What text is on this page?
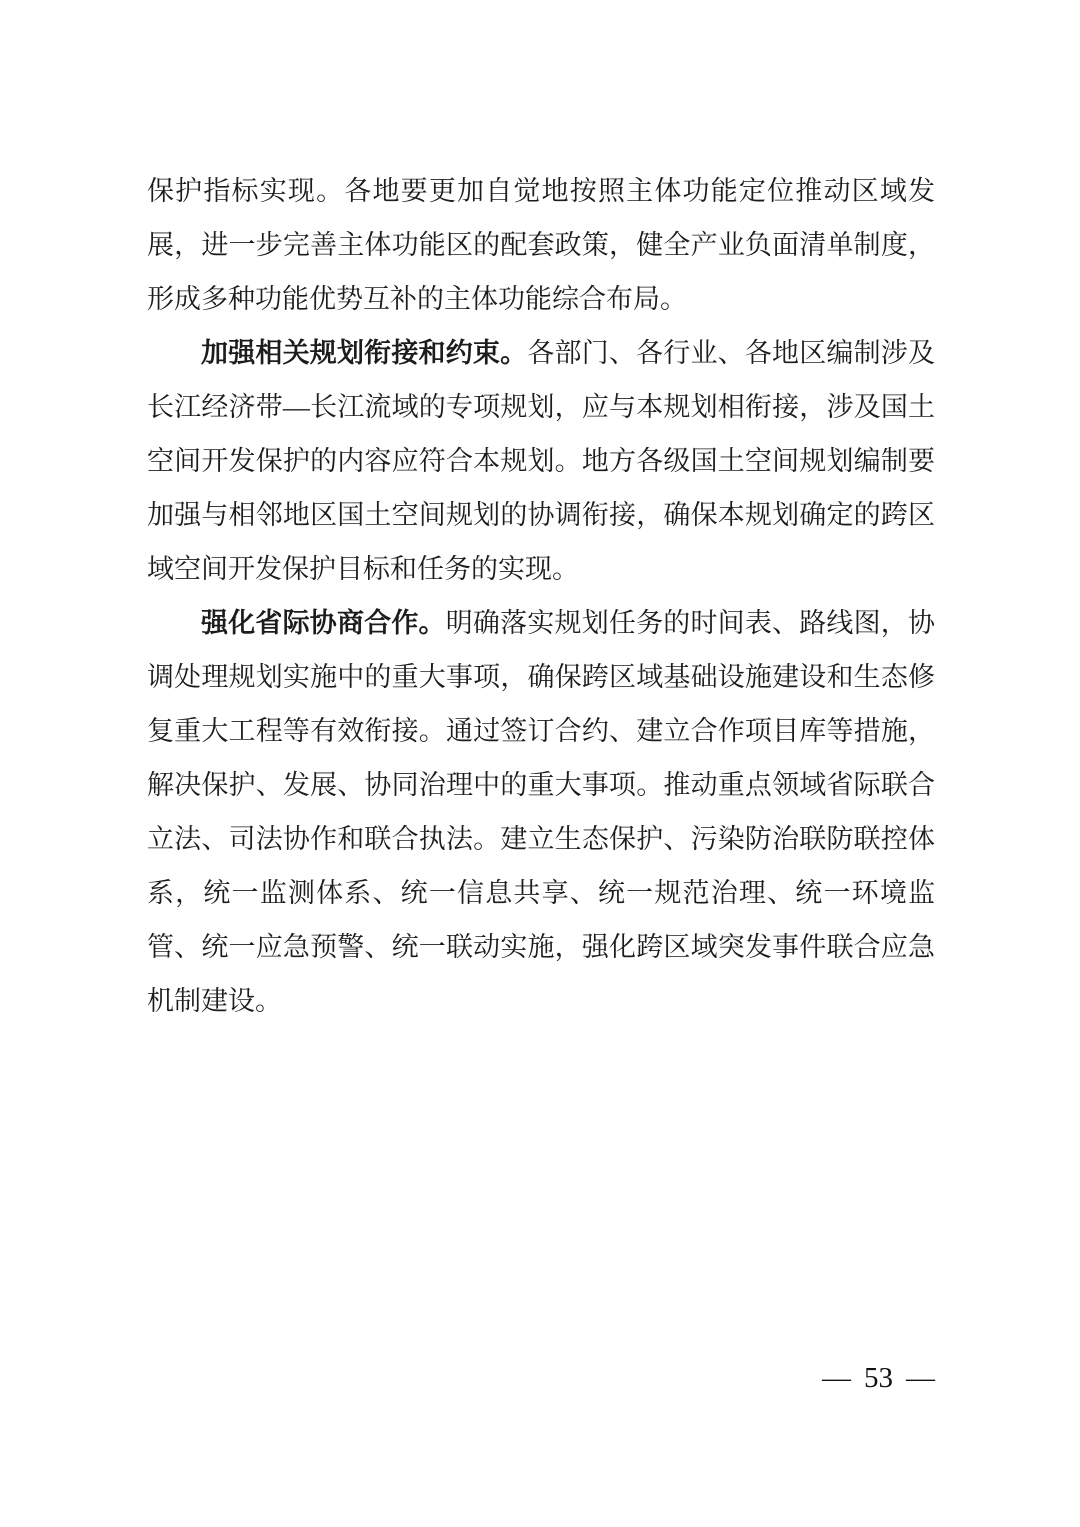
保护指标实现。各地要更加自觉地按照主体功能定位推动区域发展，进一步完善主体功能区的配套政策，健全产业负面清单制度，形成多种功能优势互补的主体功能综合布局。

加强相关规划衔接和约束。各部门、各行业、各地区编制涉及长江经济带—长江流域的专项规划，应与本规划相衔接，涉及国土空间开发保护的内容应符合本规划。地方各级国土空间规划编制要加强与相邻地区国土空间规划的协调衔接，确保本规划确定的跨区域空间开发保护目标和任务的实现。

强化省际协商合作。明确落实规划任务的时间表、路线图，协调处理规划实施中的重大事项，确保跨区域基础设施建设和生态修复重大工程等有效衔接。通过签订合约、建立合作项目库等措施，解决保护、发展、协同治理中的重大事项。推动重点领域省际联合立法、司法协作和联合执法。建立生态保护、污染防治联防联控体系，统一监测体系、统一信息共享、统一规范治理、统一环境监管、统一应急预警、统一联动实施，强化跨区域突发事件联合应急机制建设。

— 53 —
